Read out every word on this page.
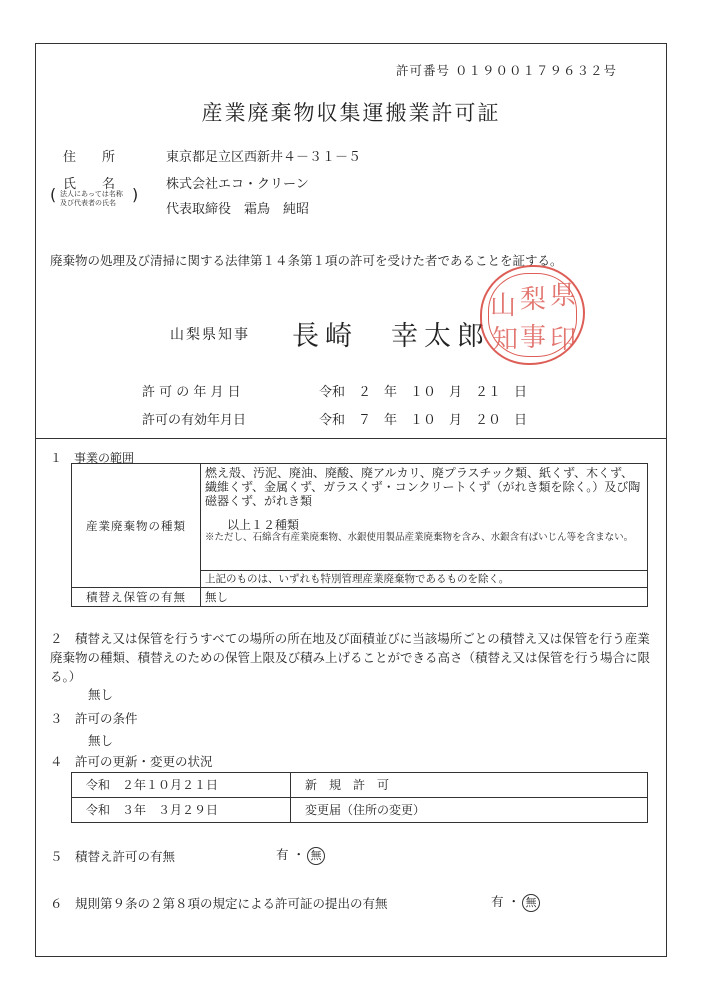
許可番号 ０１９００１７９６３２号
産業廃棄物収集運搬業許可証
住　　所	東京都足立区西新井４－３１－５
氏　　名
( 法人にあっては名称
及び代表者の氏名 )
株式会社エコ・クリーン
代表取締役　霜鳥　純昭
廃棄物の処理及び清掃に関する法律第１４条第１項の許可を受けた者であることを証する。
山梨県知事 長崎　幸太郎
許 可 の 年 月 日	令和　２　年　１０　月　２１　日
許可の有効年月日	令和　７　年　１０　月　２０　日
１　事業の範囲
産業廃棄物の種類	燃え殻、汚泥、廃油、廃酸、廃アルカリ、廃プラスチック類、紙くず、木くず、繊維くず、金属くず、ガラスくず・コンクリートくず（がれき類を除く。）及び陶磁器くず、がれき類
以上１２種類
※ただし、石綿含有産業廃棄物、水銀使用製品産業廃棄物を含み、水銀含有ばいじん等を含まない。

	上記のものは、いずれも特別管理産業廃棄物であるものを除く。
積替え保管の有無	無し
２　積替え又は保管を行うすべての場所の所在地及び面積並びに当該場所ごとの積替え又は保管を行う産業廃棄物の種類、積替えのための保管上限及び積み上げることができる高さ（積替え又は保管を行う場合に限る。）
無し
３　許可の条件
無し
４　許可の更新・変更の状況
令和　２年１０月２１日	新　規　許　可
令和　３年　３月２９日	変更届（住所の変更）
５　積替え許可の有無	有 ・ 無
６　規則第９条の２第８項の規定による許可証の提出の有無	有 ・ 無
県
印
梨
事
山
知
